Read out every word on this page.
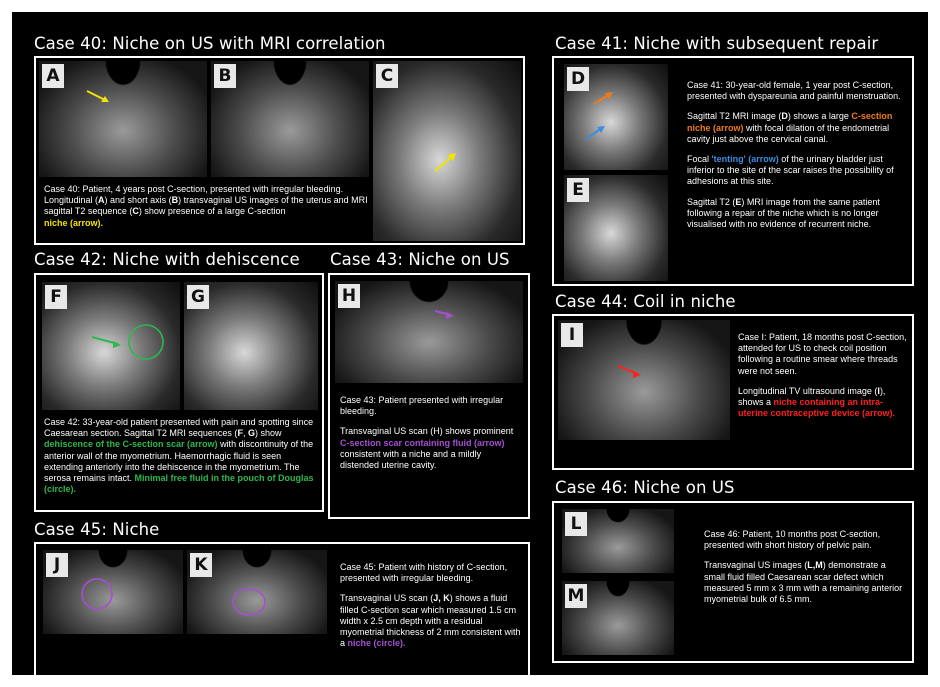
Case 40: Niche on US with MRI correlation
A	B	C
Case 40: Patient, 4 years post C-section, presented with irregular bleeding. Longitudinal (A) and short axis (B) transvaginal US images of the uterus and MRI sagittal T2 sequence (C) show presence of a large C-section
niche (arrow).
Case 41: Niche with subsequent repair
D
E

Case 41: 30-year-old female, 1 year post C-section, presented with dyspareunia and painful menstruation.

Sagittal T2 MRI image (D) shows a large C-section niche (arrow) with focal dilation of the endometrial cavity just above the cervical canal.

Focal 'tenting' (arrow) of the urinary bladder just inferior to the site of the scar raises the possibility of adhesions at this site.

Sagittal T2 (E) MRI image from the same patient following a repair of the niche which is no longer visualised with no evidence of recurrent niche.

Case 42: Niche with dehiscence
F	G
Case 42: 33-year-old patient presented with pain and spotting since Caesarean section. Sagittal T2 MRI sequences (F, G) show dehiscence of the C-section scar (arrow) with discontinuity of the anterior wall of the myometrium. Haemorrhagic fluid is seen extending anteriorly into the dehiscence in the myometrium. The serosa remains intact. Minimal free fluid in the pouch of Douglas (circle).
Case 43: Niche on US
H

Case 43: Patient presented with irregular bleeding.

Transvaginal US scan (H) shows prominent C-section scar containing fluid (arrow) consistent with a niche and a mildly distended uterine cavity.

Case 44: Coil in niche
I	Case I: Patient, 18 months post C-section, attended for US to check coil position following a routine smear where threads were not seen.

Longitudinal TV ultrasound image (I), shows a niche containing an intra-uterine contraceptive device (arrow).

Case 45: Niche
J	K	Case 45: Patient with history of C-section, presented with irregular bleeding.

Transvaginal US scan (J, K) shows a fluid filled C-section scar which measured 1.5 cm width x 2.5 cm depth with a residual myometrial thickness of 2 mm consistent with a niche (circle).

Case 46: Niche on US
L
M

Case 46: Patient, 10 months post C-section, presented with short history of pelvic pain.

Transvaginal US images (L,M) demonstrate a small fluid filled Caesarean scar defect which measured 5 mm x 3 mm with a remaining anterior myometrial bulk of 6.5 mm.
